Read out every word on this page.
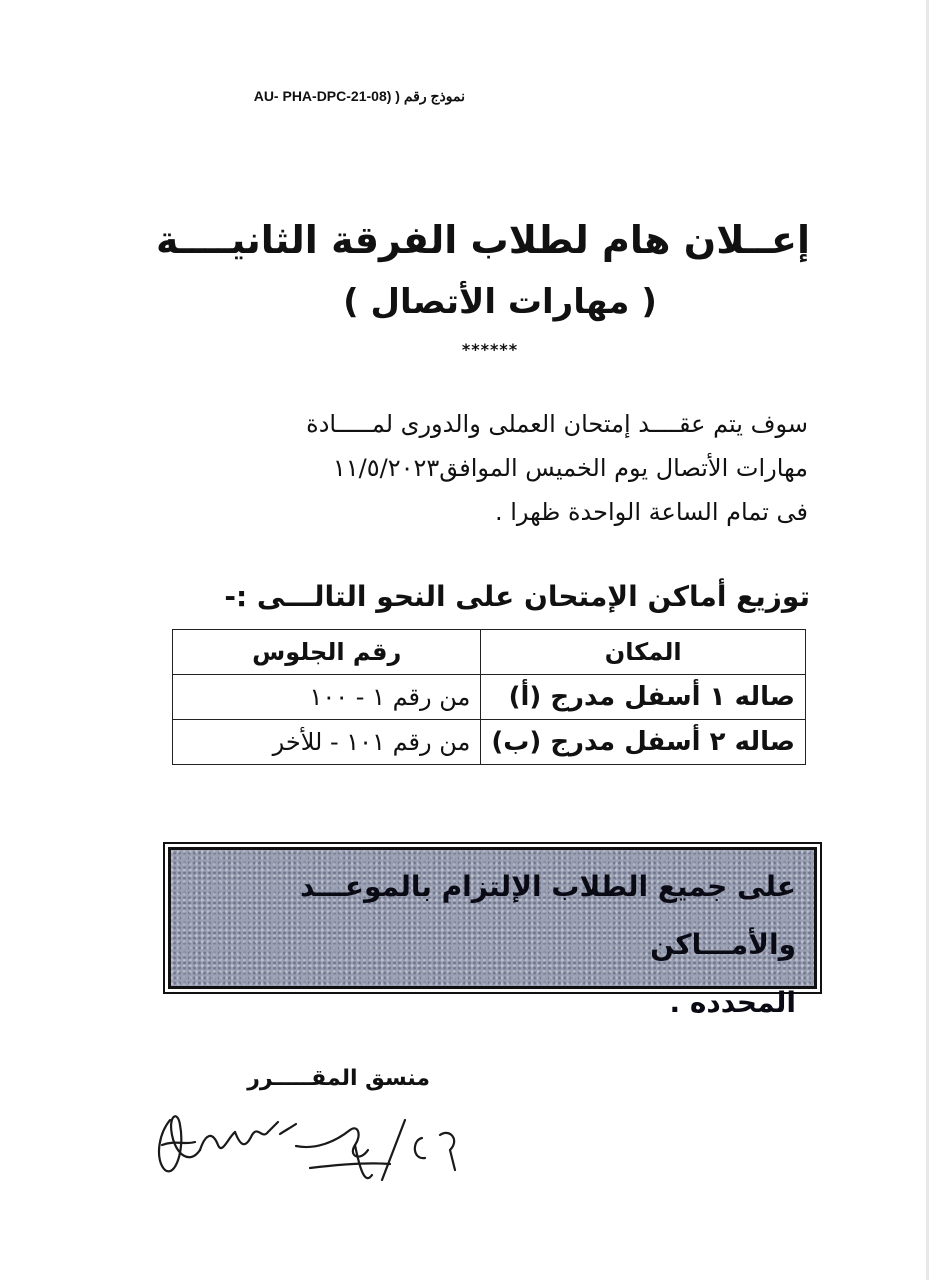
نموذج رقم ( AU- PHA-DPC-21-08)
إعــلان هام لطلاب الفرقة الثانيــــة
( مهارات الأتصال )
******
سوف يتم عقــــد إمتحان العملى والدورى لمـــــادة
مهارات الأتصال يوم الخميس الموافق١١/٥/٢٠٢٣
فى تمام الساعة الواحدة ظهرا .
توزيع أماكن الإمتحان على النحو التالـــى :-
المكان	رقم الجلوس
صاله ١ أسفل مدرج (أ)	من رقم ١ - ١٠٠
صاله ٢ أسفل مدرج (ب)	من رقم ١٠١ - للأخر
على جميع الطلاب الإلتزام بالموعـــد والأمـــاكن
المحدده .
منسق المقـــــرر
د/ ....
